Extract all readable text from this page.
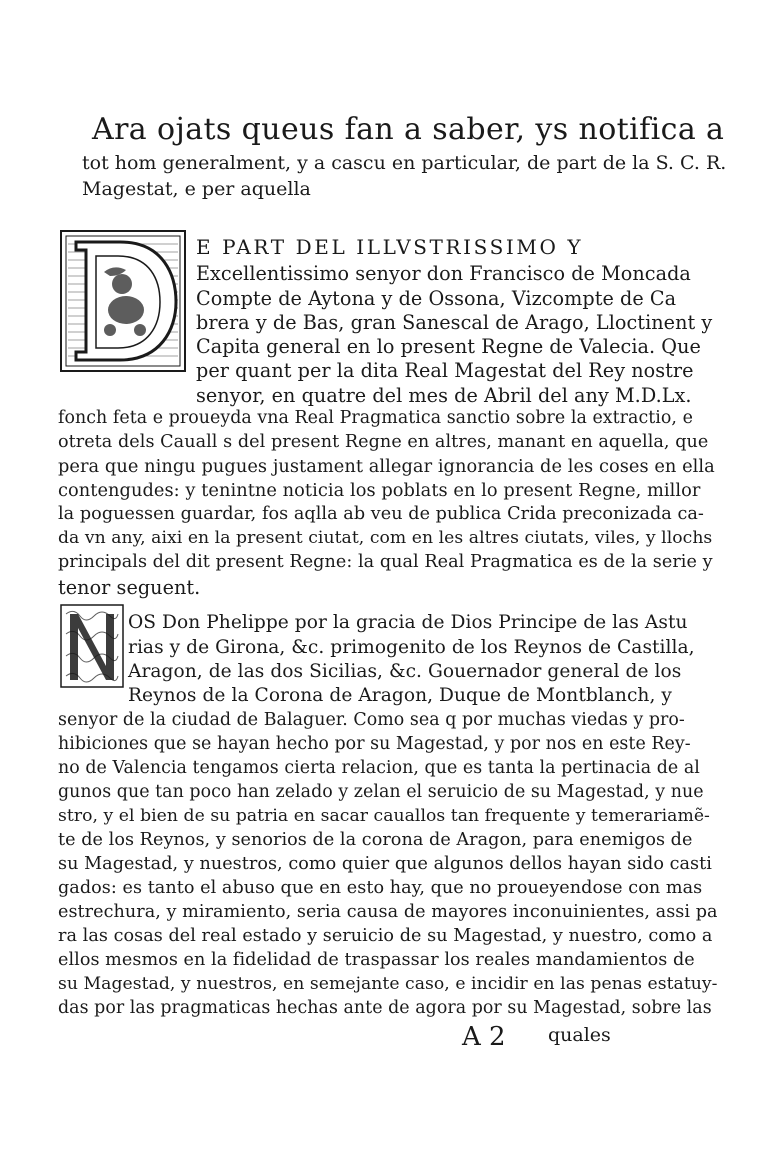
Ara ojats queus fan a saber, ys notifica a
tot hom generalment, y a cascu en particular, de part de la S. C. R.
Magestat, e per aquella
E PART DEL ILLVSTRISSIMO Y
Excellentissimo senyor don Francisco de Moncada
Compte de Aytona y de Ossona, Vizcompte de Ca
brera y de Bas, gran Sanescal de Arago, Lloctinent y
Capita general en lo present Regne de Valecia. Que
per quant per la dita Real Magestat del Rey nostre
senyor, en quatre del mes de Abril del any M.D.Lx.
fonch feta e proueyda vna Real Pragmatica sanctio sobre la extractio, e
otreta dels Cauall s del present Regne en altres, manant en aquella, que
pera que ningu pugues justament allegar ignorancia de les coses en ella
contengudes: y tenintne noticia los poblats en lo present Regne, millor
la poguessen guardar, fos aqlla ab veu de publica Crida preconizada ca-
da vn any, aixi en la present ciutat, com en les altres ciutats, viles, y llochs
principals del dit present Regne: la qual Real Pragmatica es de la serie y
tenor seguent.
OS Don Phelippe por la gracia de Dios Principe de las Astu
rias y de Girona, &c. primogenito de los Reynos de Castilla,
Aragon, de las dos Sicilias, &c. Gouernador general de los
Reynos de la Corona de Aragon, Duque de Montblanch, y
senyor de la ciudad de Balaguer. Como sea q por muchas viedas y pro-
hibiciones que se hayan hecho por su Magestad, y por nos en este Rey-
no de Valencia tengamos cierta relacion, que es tanta la pertinacia de al
gunos que tan poco han zelado y zelan el seruicio de su Magestad, y nue
stro, y el bien de su patria en sacar cauallos tan frequente y temerariamẽ-
te de los Reynos, y senorios de la corona de Aragon, para enemigos de
su Magestad, y nuestros, como quier que algunos dellos hayan sido casti
gados: es tanto el abuso que en esto hay, que no proueyendose con mas
estrechura, y miramiento, seria causa de mayores inconuinientes, assi pa
ra las cosas del real estado y seruicio de su Magestad, y nuestro, como a
ellos mesmos en la fidelidad de traspassar los reales mandamientos de
su Magestad, y nuestros, en semejante caso, e incidir en las penas estatuy-
das por las pragmaticas hechas ante de agora por su Magestad, sobre las
A 2 quales
